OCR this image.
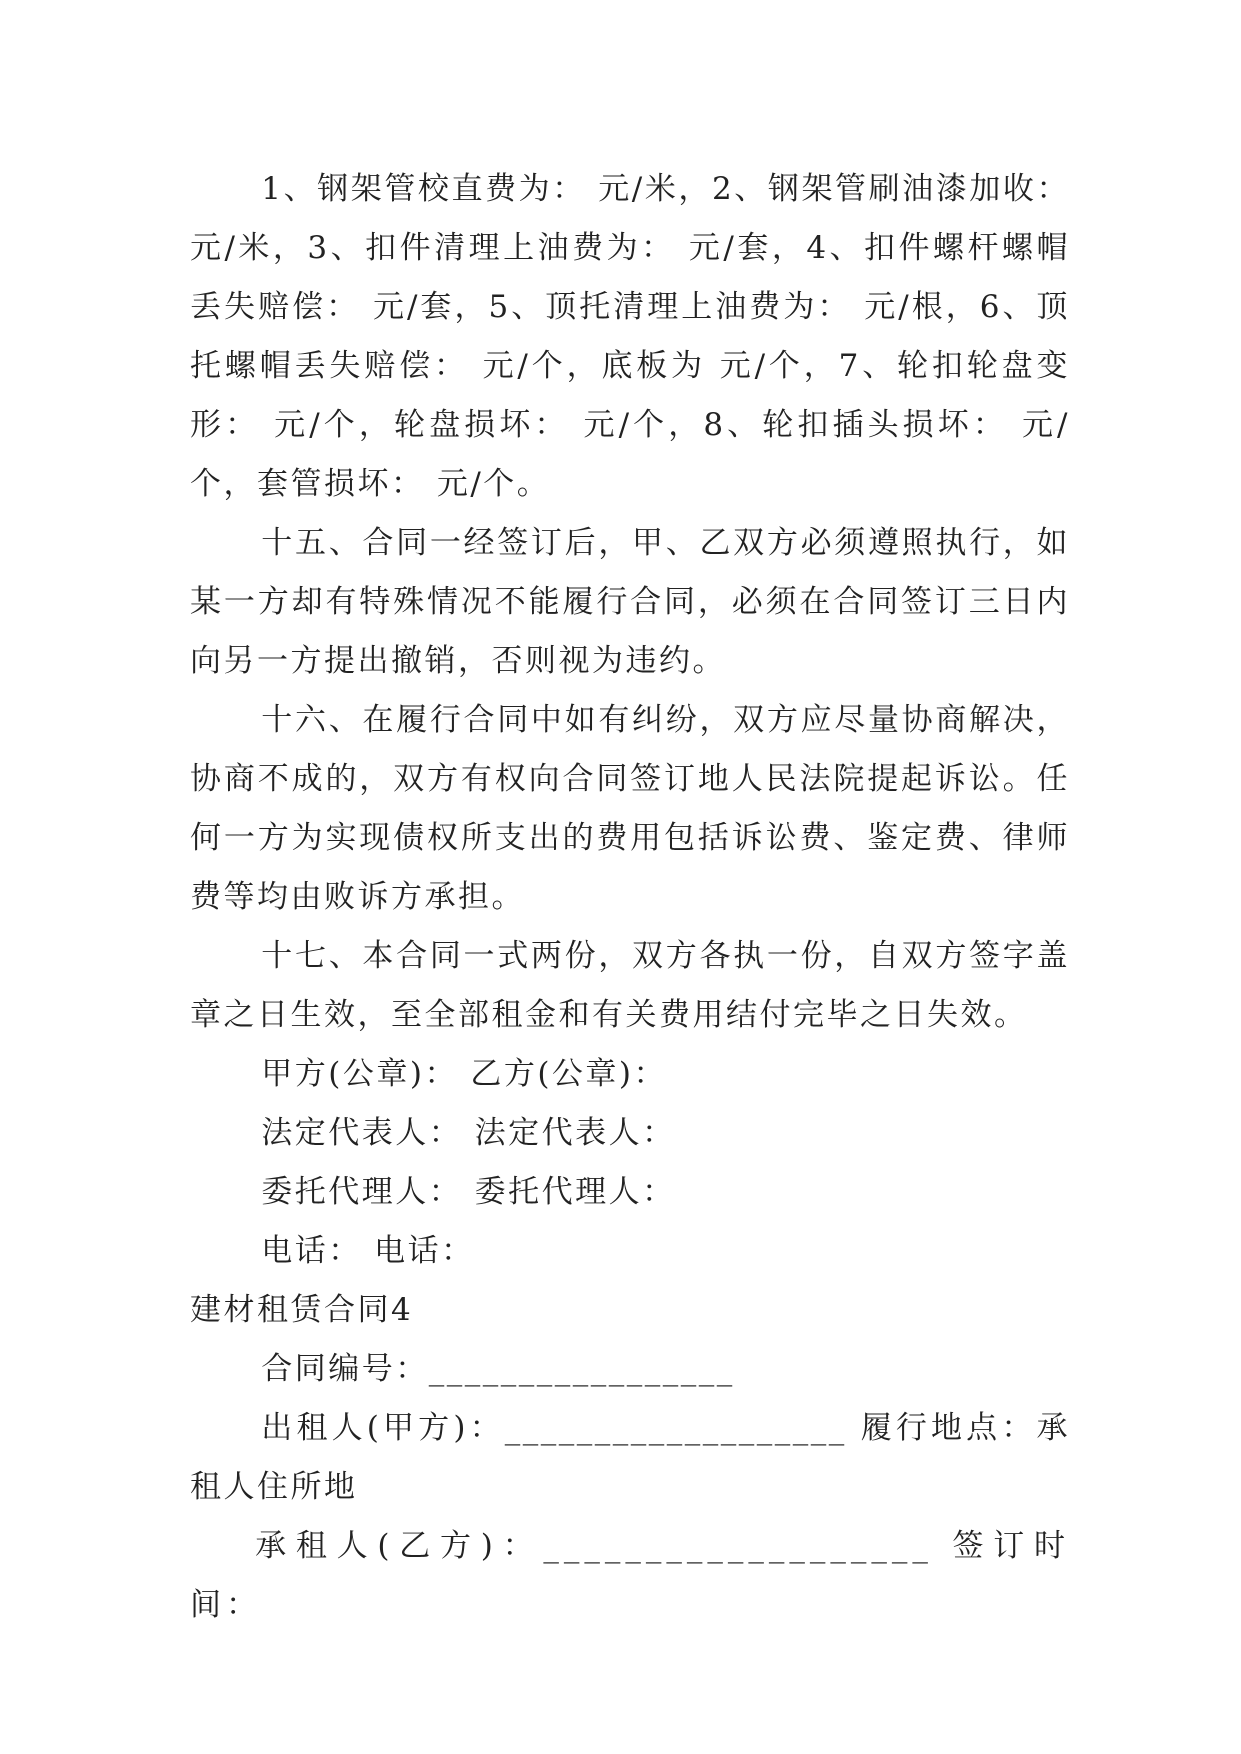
1、钢架管校直费为： 元/米，2、钢架管刷油漆加收：元/米，3、扣件清理上油费为： 元/套，4、扣件螺杆螺帽丢失赔偿： 元/套，5、顶托清理上油费为： 元/根，6、顶托螺帽丢失赔偿： 元/个，底板为 元/个，7、轮扣轮盘变形： 元/个，轮盘损坏： 元/个，8、轮扣插头损坏： 元/个，套管损坏： 元/个。

十五、合同一经签订后，甲、乙双方必须遵照执行，如某一方却有特殊情况不能履行合同，必须在合同签订三日内向另一方提出撤销，否则视为违约。

十六、在履行合同中如有纠纷，双方应尽量协商解决，协商不成的，双方有权向合同签订地人民法院提起诉讼。任何一方为实现债权所支出的费用包括诉讼费、鉴定费、律师费等均由败诉方承担。

十七、本合同一式两份，双方各执一份，自双方签字盖章之日生效，至全部租金和有关费用结付完毕之日失效。

甲方(公章)： 乙方(公章)：

法定代表人： 法定代表人：

委托代理人： 委托代理人：

电话： 电话：

建材租赁合同4

合同编号：_________________

出租人(甲方)：___________________ 履行地点：承租人住所地

承租人(乙方)：___________________ 签订时间：
